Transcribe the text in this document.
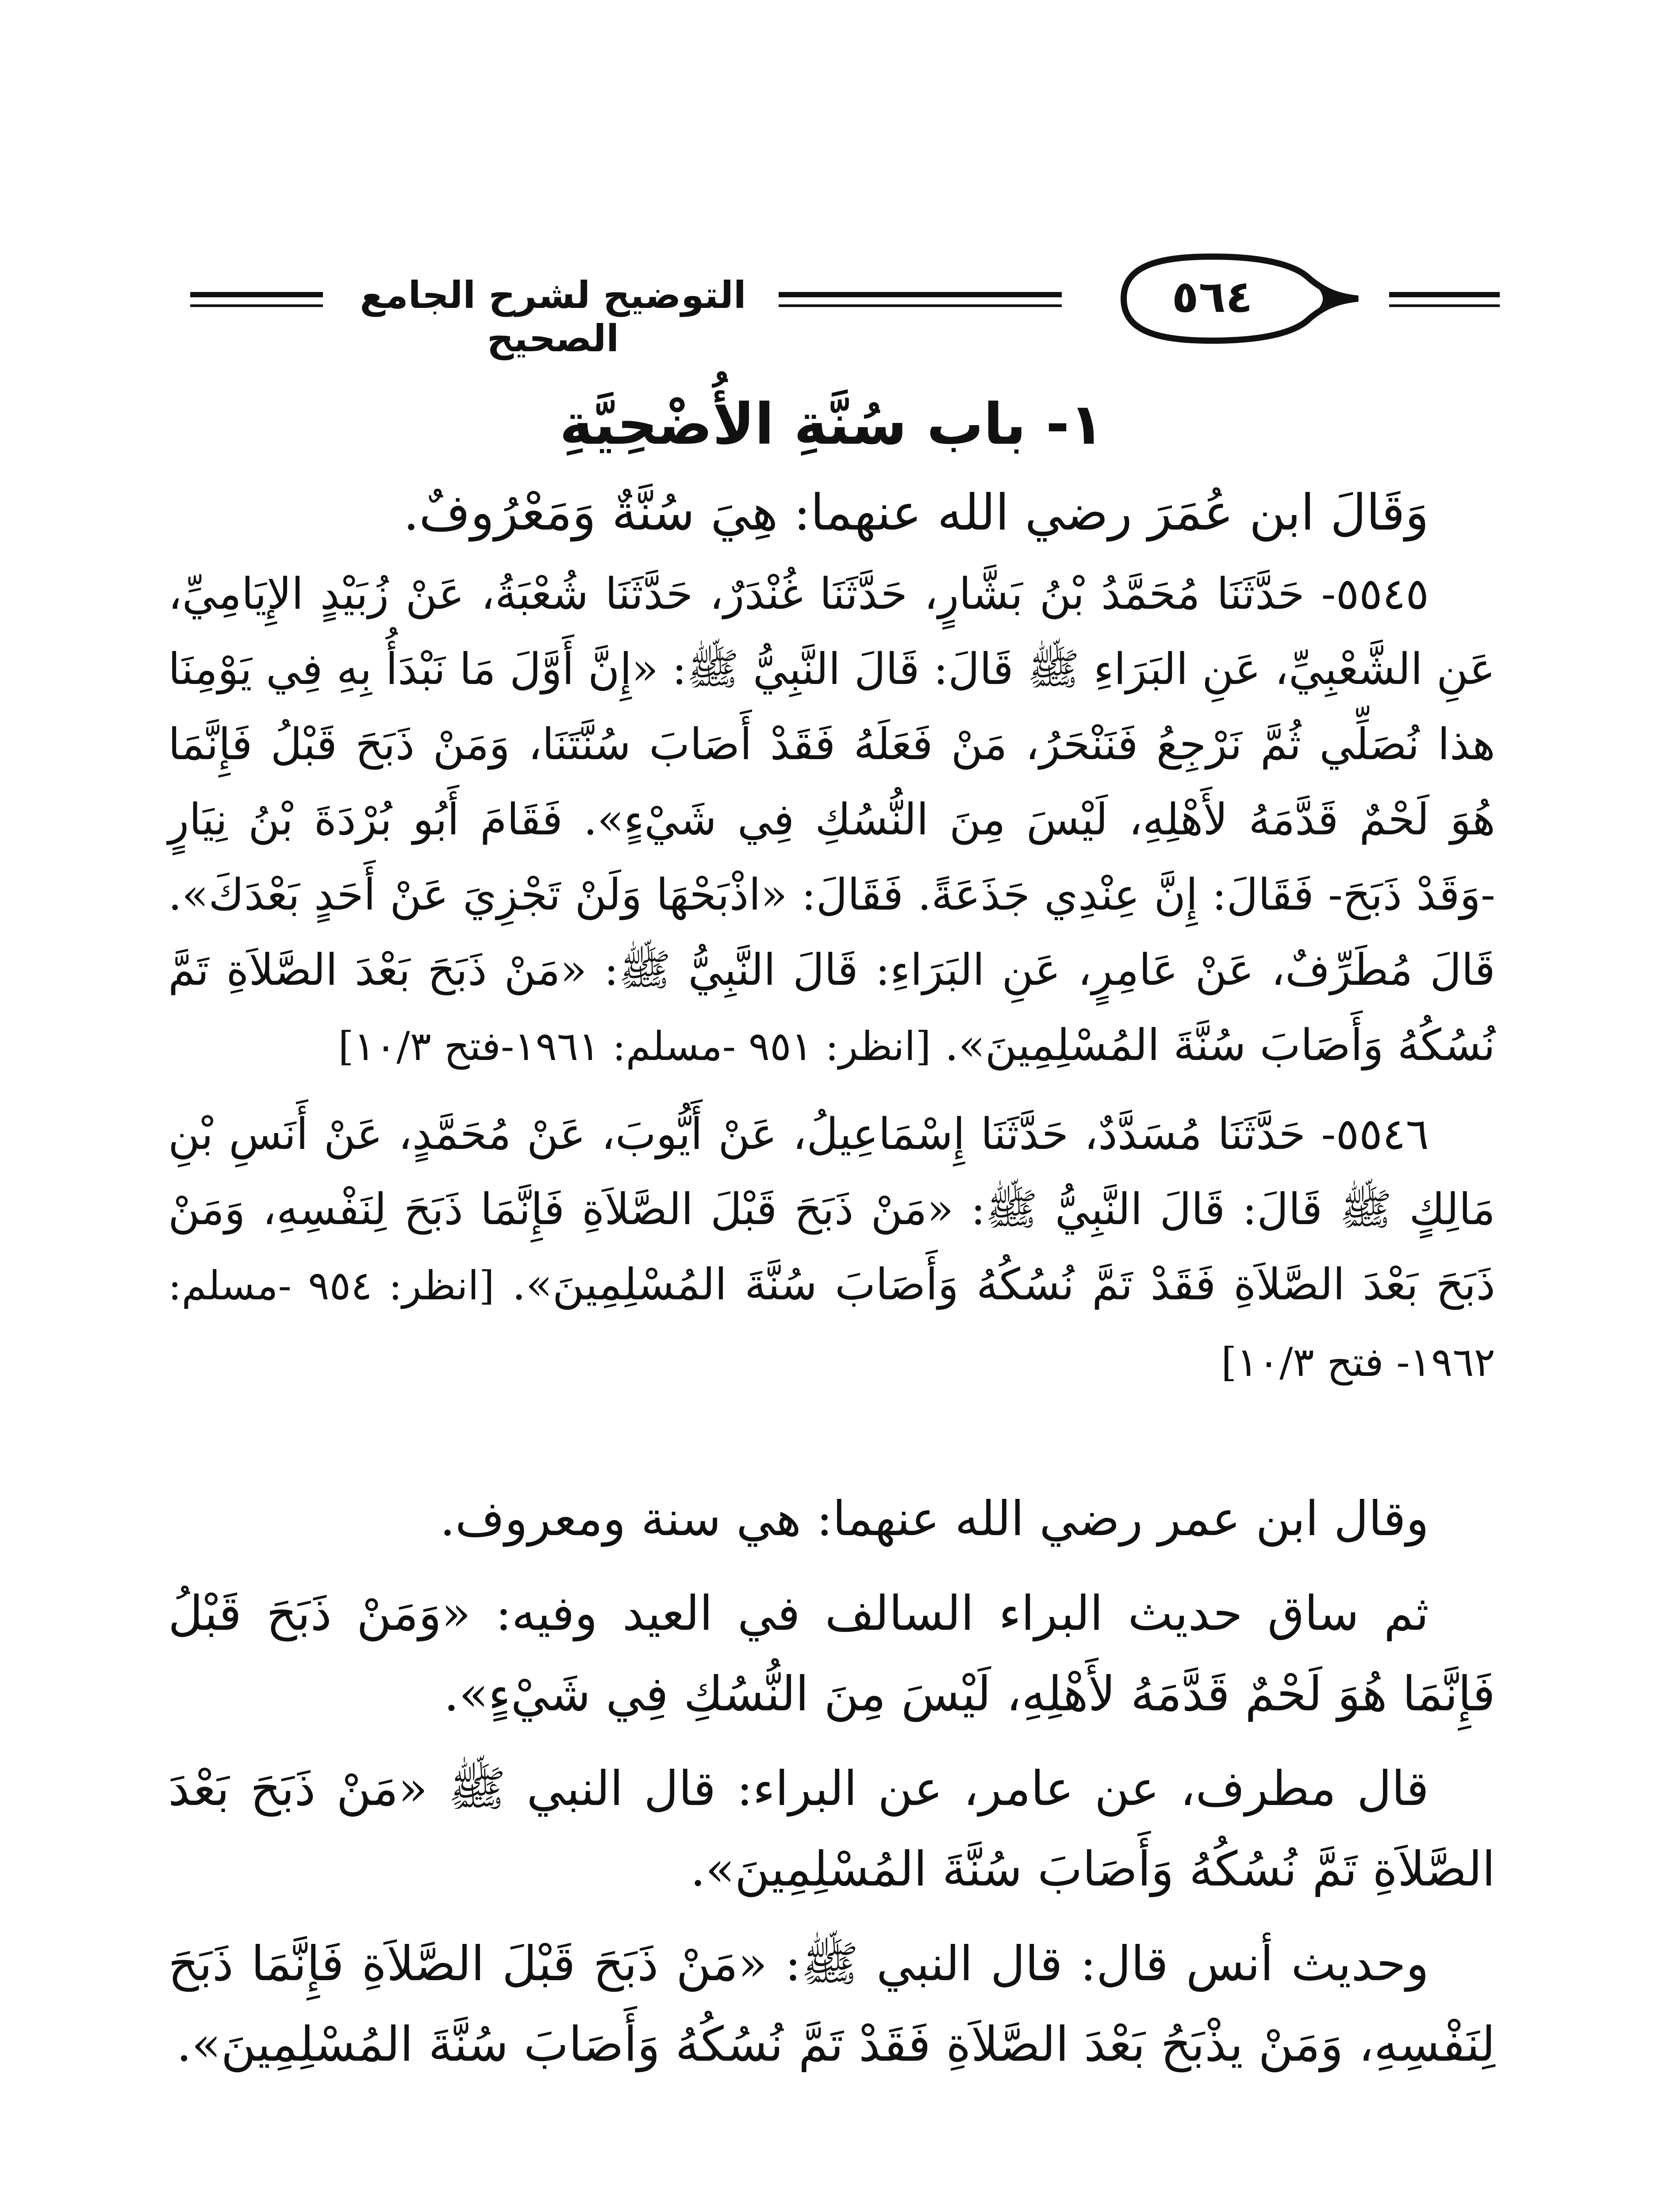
التوضيح لشرح الجامع الصحيح
٥٦٤
١- باب سُنَّةِ الأُضْحِيَّةِ

وَقَالَ ابن عُمَرَ رضي الله عنهما: هِيَ سُنَّةٌ وَمَعْرُوفٌ.

٥٥٤٥- حَدَّثَنَا مُحَمَّدُ بْنُ بَشَّارٍ، حَدَّثَنَا غُنْدَرٌ، حَدَّثَنَا شُعْبَةُ، عَنْ زُبَيْدٍ الإِيَامِيِّ، عَنِ الشَّعْبِيِّ، عَنِ البَرَاءِ ﷺ قَالَ: قَالَ النَّبِيُّ ﷺ: «إِنَّ أَوَّلَ مَا نَبْدَأُ بِهِ فِي يَوْمِنَا هذا نُصَلِّي ثُمَّ نَرْجِعُ فَنَنْحَرُ، مَنْ فَعَلَهُ فَقَدْ أَصَابَ سُنَّتَنَا، وَمَنْ ذَبَحَ قَبْلُ فَإِنَّمَا هُوَ لَحْمٌ قَدَّمَهُ لأَهْلِهِ، لَيْسَ مِنَ النُّسُكِ فِي شَيْءٍ». فَقَامَ أَبُو بُرْدَةَ بْنُ نِيَارٍ -وَقَدْ ذَبَحَ- فَقَالَ: إِنَّ عِنْدِي جَذَعَةً. فَقَالَ: «اذْبَحْهَا وَلَنْ تَجْزِيَ عَنْ أَحَدٍ بَعْدَكَ». قَالَ مُطَرِّفٌ، عَنْ عَامِرٍ، عَنِ البَرَاءِ: قَالَ النَّبِيُّ ﷺ: «مَنْ ذَبَحَ بَعْدَ الصَّلاَةِ تَمَّ نُسُكُهُ وَأَصَابَ سُنَّةَ المُسْلِمِينَ». [انظر: ٩٥١ -مسلم: ١٩٦١-فتح ١٠/٣]

٥٥٤٦- حَدَّثَنَا مُسَدَّدٌ، حَدَّثَنَا إِسْمَاعِيلُ، عَنْ أَيُّوبَ، عَنْ مُحَمَّدٍ، عَنْ أَنَسِ بْنِ مَالِكٍ ﷺ قَالَ: قَالَ النَّبِيُّ ﷺ: «مَنْ ذَبَحَ قَبْلَ الصَّلاَةِ فَإِنَّمَا ذَبَحَ لِنَفْسِهِ، وَمَنْ ذَبَحَ بَعْدَ الصَّلاَةِ فَقَدْ تَمَّ نُسُكُهُ وَأَصَابَ سُنَّةَ المُسْلِمِينَ». [انظر: ٩٥٤ -مسلم: ١٩٦٢- فتح ١٠/٣]

وقال ابن عمر رضي الله عنهما: هي سنة ومعروف.

ثم ساق حديث البراء السالف في العيد وفيه: «وَمَنْ ذَبَحَ قَبْلُ فَإِنَّمَا هُوَ لَحْمٌ قَدَّمَهُ لأَهْلِهِ، لَيْسَ مِنَ النُّسُكِ فِي شَيْءٍ».

قال مطرف، عن عامر، عن البراء: قال النبي ﷺ «مَنْ ذَبَحَ بَعْدَ الصَّلاَةِ تَمَّ نُسُكُهُ وَأَصَابَ سُنَّةَ المُسْلِمِينَ».

وحديث أنس قال: قال النبي ﷺ: «مَنْ ذَبَحَ قَبْلَ الصَّلاَةِ فَإِنَّمَا ذَبَحَ لِنَفْسِهِ، وَمَنْ يذْبَحُ بَعْدَ الصَّلاَةِ فَقَدْ تَمَّ نُسُكُهُ وَأَصَابَ سُنَّةَ المُسْلِمِينَ».
